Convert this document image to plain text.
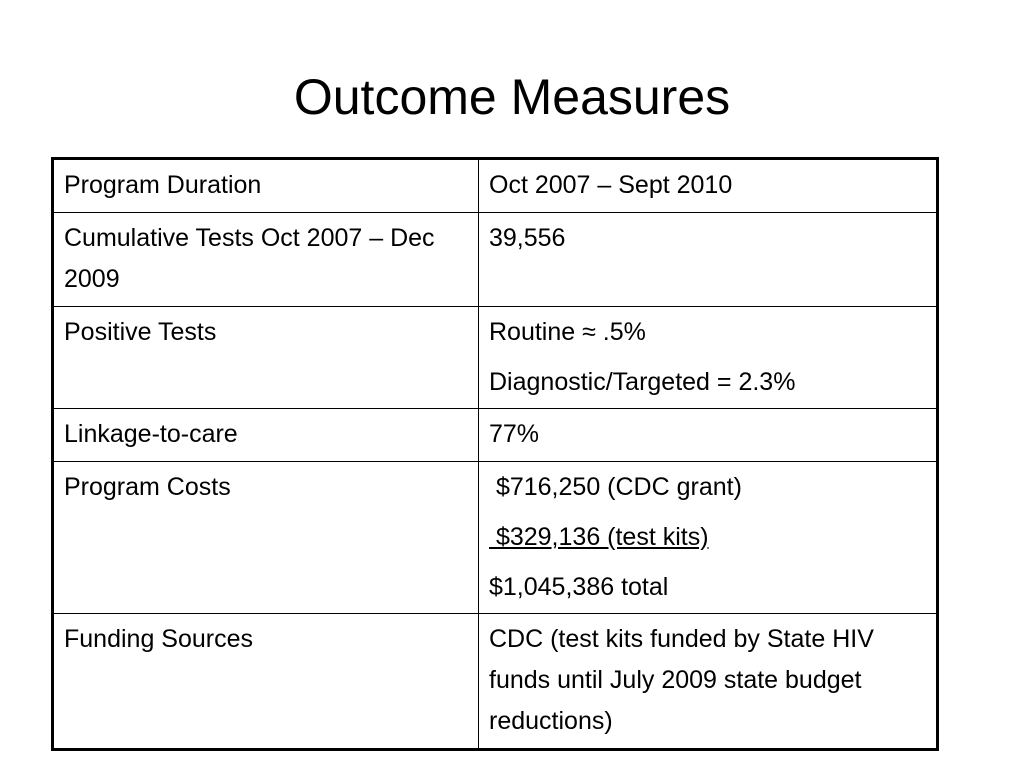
Outcome Measures
Program Duration	Oct 2007 – Sept 2010

Cumulative Tests Oct 2007 – Dec 2009	39,556

Positive Tests	Routine ≈ .5%
Diagnostic/Targeted = 2.3%

Linkage-to-care	77%

Program Costs	$716,250 (CDC grant)
$329,136 (test kits)
$1,045,386 total

Funding Sources	CDC (test kits funded by State HIV funds until July 2009 state budget reductions)
